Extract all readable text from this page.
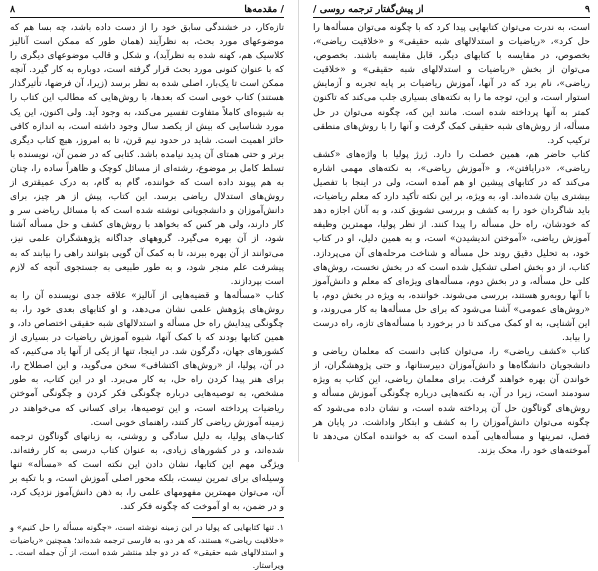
/ مقدمه‌ها
۸

تازه‌کار، در خشندگی سابق خود را از دست داده باشد، چه بسا هم که موضوعهای مورد بحث، به نظرآیند (همان طور که ممکن است آنالیز کلاسیک هم، کهنه شده به نظرآید)، و شکل و قالب موضوعهای دیگری را که با عنوان کنونی مورد بحث قرار گرفته است، دوباره به کار گیرد. آنچه ممکن است تا یک‌بار، اصلی شده به نظر برسد (زیرا، آن فرضها، تأثیرگذار هستند) کتاب خوبی است که بعدها، با روش‌هایی که مطالب این کتاب را به شیوه‌ای کاملاً متفاوت تفسیر می‌کند، به وجود آید. ولی اکنون، این یک مورد شناسایی که بیش از یکصد سال وجود داشته است، به اندازه کافی حائز اهمیت است. شاید در حدود نیم قرن، تا به امروز، هیچ کتاب دیگری برتر و حتی همتای آن پدید نیامده باشد. کتابی که در ضمن آن، نویسنده با تسلط کامل بر موضوع، رشته‌ای از مسائل کوچک و ظاهراً ساده را، چنان به هم پیوند داده است که خواننده، گام به گام، به درک عمیقتری از روش‌های استدلال ریاضی برسد. این کتاب، پیش از هر چیز، برای دانش‌آموزان و دانشجویانی نوشته شده است که با مسائل ریاضی سر و کار دارند، ولی هر کس که بخواهد با روش‌های کشف و حل مسأله آشنا شود، از آن بهره می‌گیرد. گروههای جداگانه پژوهشگران علمی نیز، می‌توانند از آن بهره ببرند، تا به کمک آن گویی بتوانند راهی را بیابند که به پیشرفت علم منجر شود، و به طور طبیعی به جستجوی آنچه که لازم است بپردازند.

کتاب «مسأله‌ها و قضیه‌هایی از آنالیز» علاقه جدی نویسنده آن را به روش‌های پژوهش علمی نشان می‌دهد، و او کتابهای بعدی خود را، به چگونگی پیدایش راه حل مسأله و استدلالهای شبه حقیقی اختصاص داد، و همین کتابها بودند که با کمک آنها، شیوه آموزش ریاضیات در بسیاری از کشورهای جهان، دگرگون شد. در اینجا، تنها از یکی از آنها یاد می‌کنیم، که در آن، پولیا، از «روش‌های اکتشافی» سخن می‌گوید، و این اصطلاح را، برای هنر پیدا کردن راه حل، به کار می‌برد. او در این کتاب، به طور مشخص، به توصیه‌هایی درباره چگونگی فکر کردن و چگونگی آموختن ریاضیات پرداخته است، و این توصیه‌ها، برای کسانی که می‌خواهند در زمینه آموزش ریاضی کار کنند، راهنمای خوبی است.

کتاب‌های پولیا، به دلیل سادگی و روشنی، به زبانهای گوناگون ترجمه شده‌اند، و در کشورهای زیادی، به عنوان کتاب درسی به کار رفته‌اند. ویژگی مهم این کتابها، نشان دادن این نکته است که «مسأله» تنها وسیله‌ای برای تمرین نیست، بلکه محور اصلی آموزش است، و با تکیه بر آن، می‌توان مهمترین مفهومهای علمی را، به ذهن دانش‌آموز نزدیک کرد، و در ضمن، به او آموخت که چگونه فکر کند.

۱. تنها کتابهایی که پولیا در این زمینه نوشته است، «چگونه مسأله را حل کنیم» و «خلاقیت ریاضی» هستند، که هر دو، به فارسی ترجمه شده‌اند؛ همچنین «ریاضیات و استدلالهای شبه حقیقی» که در دو جلد منتشر شده است، از آن جمله است. ـ ویراستار.
۹
از پیش‌گفتار ترجمه روسی /

است، به ندرت می‌توان کتابهایی پیدا کرد که با چگونه می‌توان مسأله‌ها را حل کرد»، «ریاضیات و استدلالهای شبه حقیقی» و «خلاقیت ریاضی»، بخصوص، در مقایسه با کتابهای دیگر، قابل مقایسه باشند. بخصوص، می‌توان از بخش «ریاضیات و استدلالهای شبه حقیقی» و «خلاقیت ریاضی»، نام برد که در آنها، آموزش ریاضیات بر پایه تجربه و آزمایش استوار است، و این، توجه ما را به نکته‌های بسیاری جلب می‌کند که تاکنون کمتر به آنها پرداخته شده است. مانند این که، چگونه می‌توان در حل مسأله، از روش‌های شبه حقیقی کمک گرفت و آنها را با روش‌های منطقی ترکیب کرد.

کتاب حاضر هم، همین خصلت را دارد. ژرژ پولیا با واژه‌های «کشف ریاضی»، «درایافتن»، و «آموزش ریاضی»، به نکته‌های مهمی اشاره می‌کند که در کتابهای پیشین او هم آمده است، ولی در اینجا با تفصیل بیشتری بیان شده‌اند. او، به ویژه، بر این نکته تأکید دارد که معلم ریاضیات، باید شاگردان خود را به کشف و بررسی تشویق کند، و به آنان اجازه دهد که خودشان، راه حل مسأله را پیدا کنند. از نظر پولیا، مهمترین وظیفه آموزش ریاضی، «آموختن اندیشیدن» است، و به همین دلیل، او در کتاب خود، به تحلیل دقیق روند حل مسأله و شناخت مرحله‌های آن می‌پردازد. کتاب، از دو بخش اصلی تشکیل شده است که در بخش نخست، روش‌های کلی حل مسأله، و در بخش دوم، مسأله‌های ویژه‌ای که معلم و دانش‌آموز با آنها روبه‌رو هستند، بررسی می‌شوند. خواننده، به ویژه در بخش دوم، با «روش‌های عمومی» آشنا می‌شود که برای حل مسأله‌ها به کار می‌روند، و این آشنایی، به او کمک می‌کند تا در برخورد با مسأله‌های تازه، راه درست را بیابد.

کتاب «کشف ریاضی» را، می‌توان کتابی دانست که معلمان ریاضی و دانشجویان دانشگاه‌ها و دانش‌آموزان دبیرستانها، و حتی پژوهشگران، از خواندن آن بهره خواهند گرفت. برای معلمان ریاضی، این کتاب به ویژه سودمند است، زیرا در آن، به نکته‌هایی درباره چگونگی آموزش مسأله و روش‌های گوناگون حل آن پرداخته شده است، و نشان داده می‌شود که چگونه می‌توان دانش‌آموزان را به کشف و ابتکار واداشت. در پایان هر فصل، تمرینها و مسأله‌هایی آمده است که به خواننده امکان می‌دهد تا آموخته‌های خود را، محک بزند.
